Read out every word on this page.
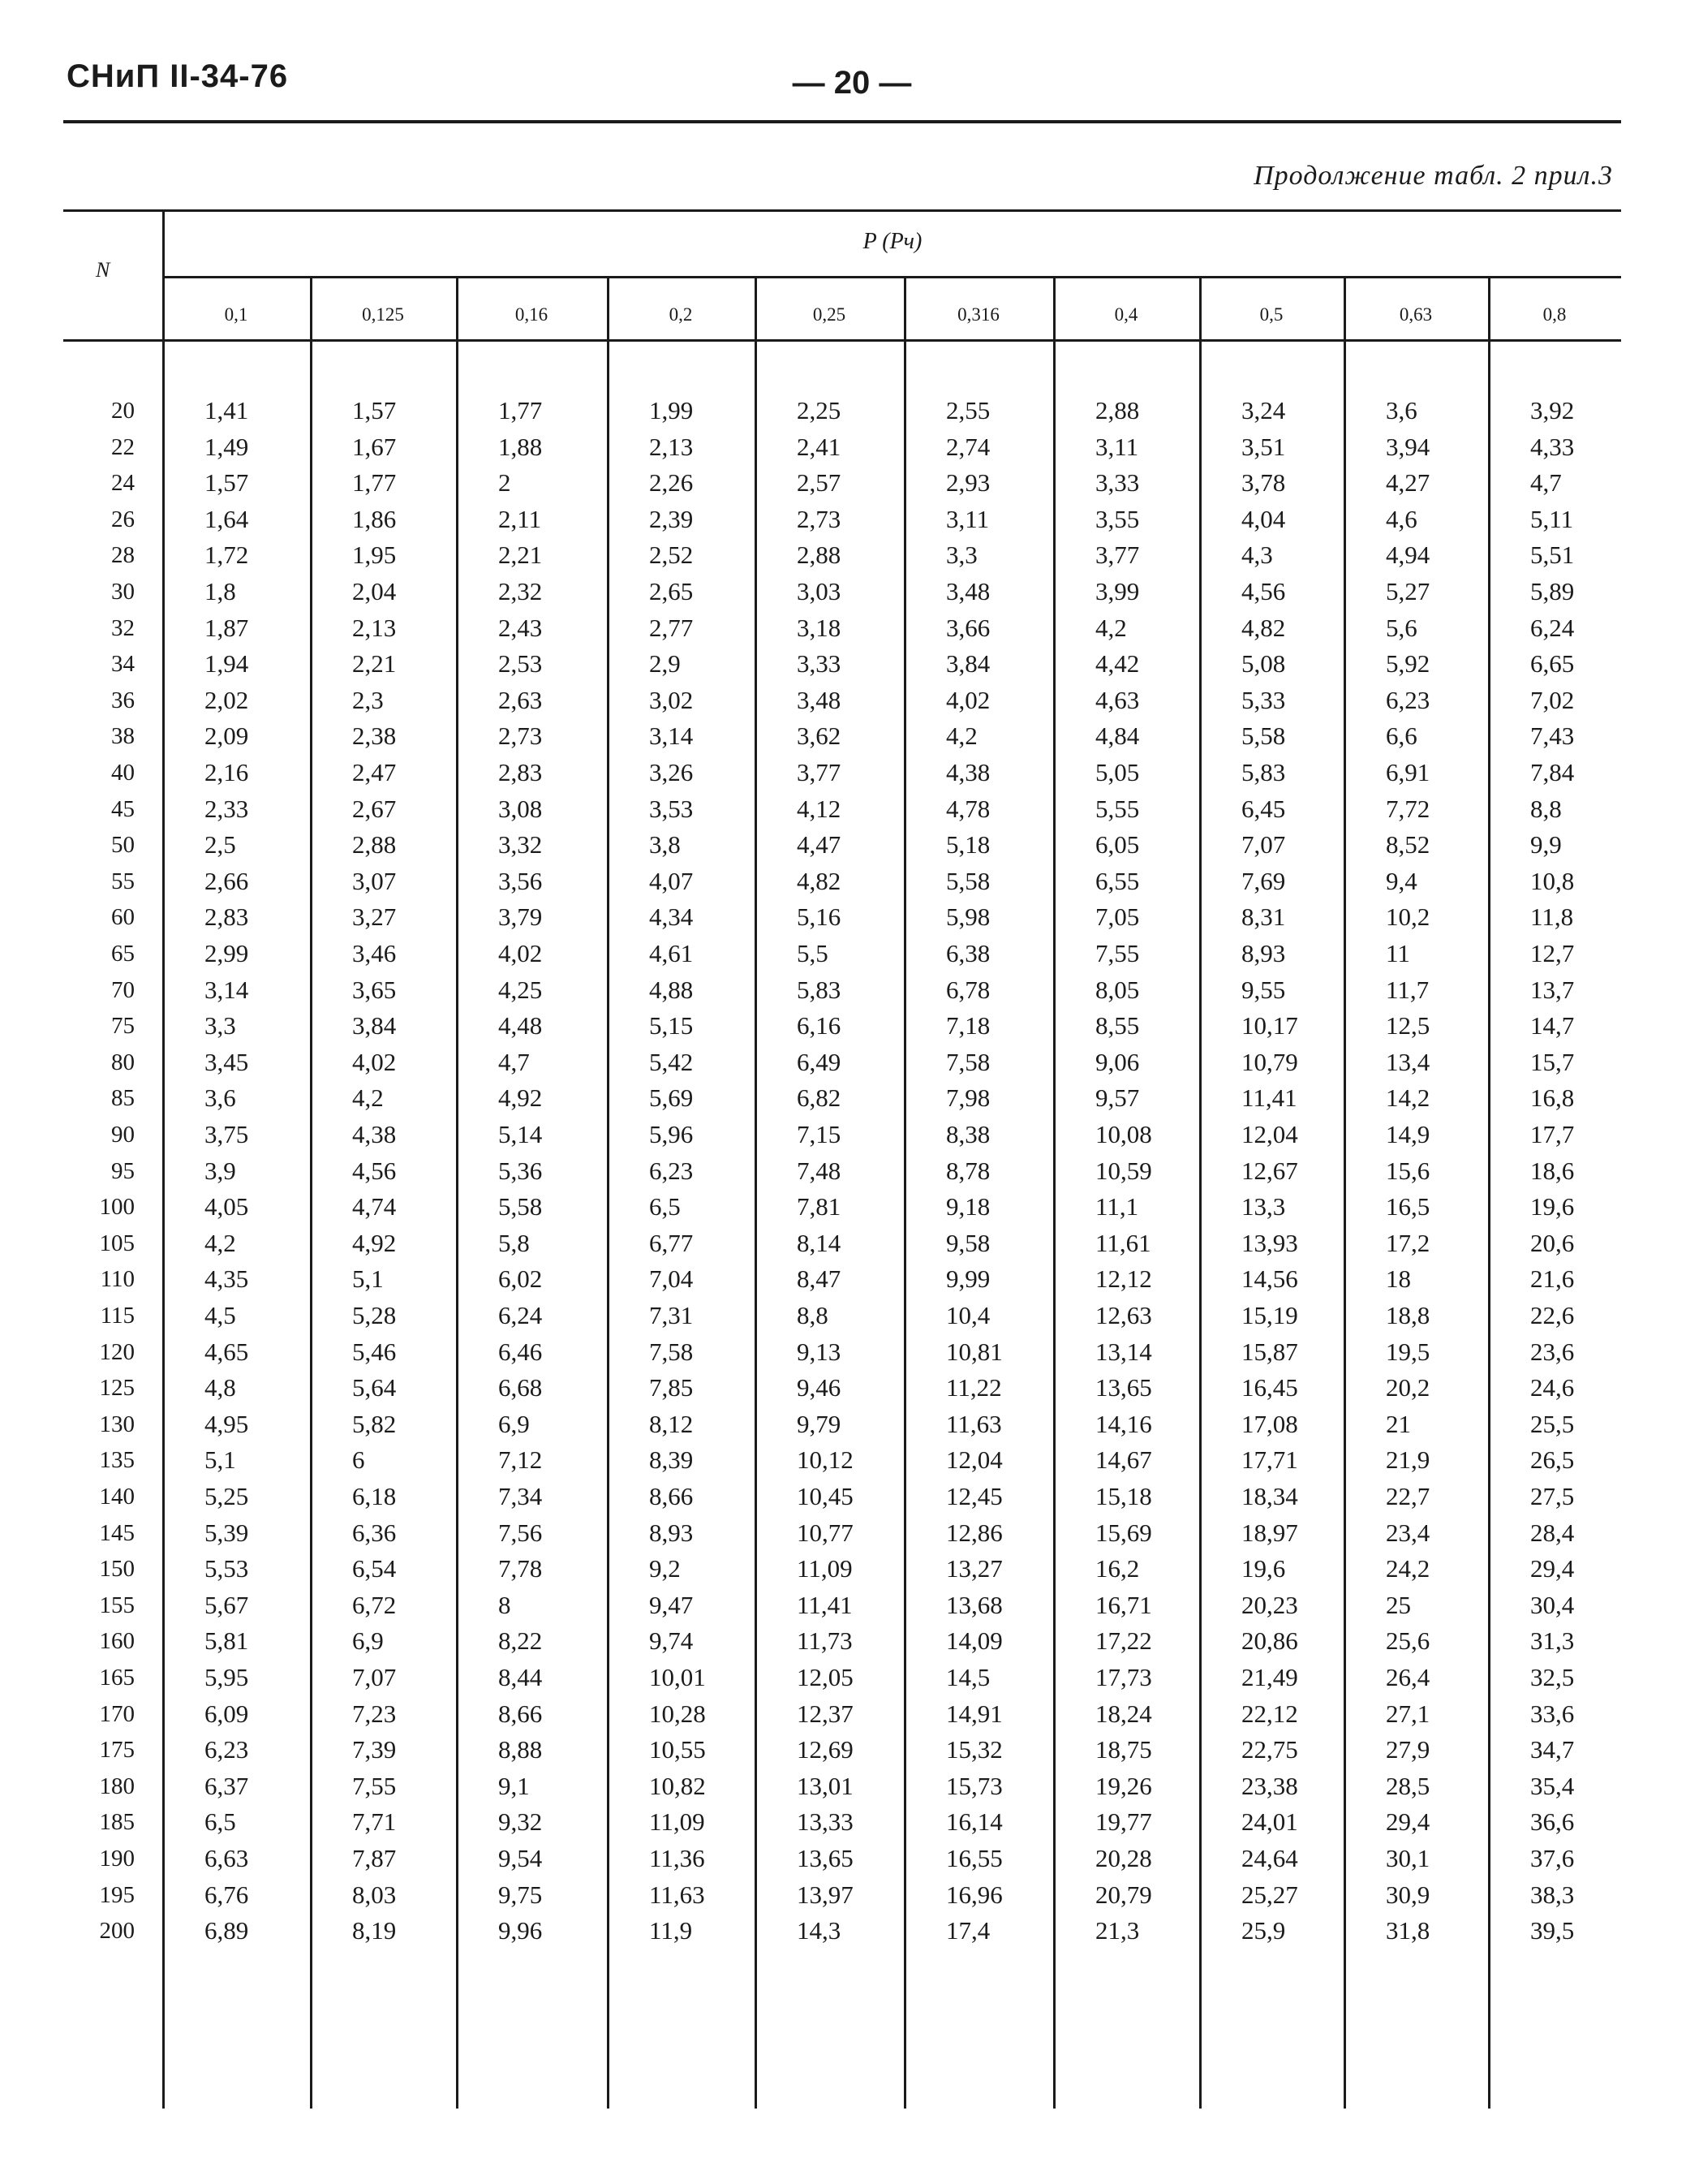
СНиП II-34-76	— 20 —
Продолжение табл. 2 прил.3
N
P (Pч)
0,1	0,125	0,16	0,2	0,25	0,316	0,4	0,5	0,63	0,8
20	1,41	1,57	1,77	1,99	2,25	2,55	2,88	3,24	3,6	3,92
22	1,49	1,67	1,88	2,13	2,41	2,74	3,11	3,51	3,94	4,33
24	1,57	1,77	2	2,26	2,57	2,93	3,33	3,78	4,27	4,7
26	1,64	1,86	2,11	2,39	2,73	3,11	3,55	4,04	4,6	5,11
28	1,72	1,95	2,21	2,52	2,88	3,3	3,77	4,3	4,94	5,51
30	1,8	2,04	2,32	2,65	3,03	3,48	3,99	4,56	5,27	5,89
32	1,87	2,13	2,43	2,77	3,18	3,66	4,2	4,82	5,6	6,24
34	1,94	2,21	2,53	2,9	3,33	3,84	4,42	5,08	5,92	6,65
36	2,02	2,3	2,63	3,02	3,48	4,02	4,63	5,33	6,23	7,02
38	2,09	2,38	2,73	3,14	3,62	4,2	4,84	5,58	6,6	7,43
40	2,16	2,47	2,83	3,26	3,77	4,38	5,05	5,83	6,91	7,84
45	2,33	2,67	3,08	3,53	4,12	4,78	5,55	6,45	7,72	8,8
50	2,5	2,88	3,32	3,8	4,47	5,18	6,05	7,07	8,52	9,9
55	2,66	3,07	3,56	4,07	4,82	5,58	6,55	7,69	9,4	10,8
60	2,83	3,27	3,79	4,34	5,16	5,98	7,05	8,31	10,2	11,8
65	2,99	3,46	4,02	4,61	5,5	6,38	7,55	8,93	11	12,7
70	3,14	3,65	4,25	4,88	5,83	6,78	8,05	9,55	11,7	13,7
75	3,3	3,84	4,48	5,15	6,16	7,18	8,55	10,17	12,5	14,7
80	3,45	4,02	4,7	5,42	6,49	7,58	9,06	10,79	13,4	15,7
85	3,6	4,2	4,92	5,69	6,82	7,98	9,57	11,41	14,2	16,8
90	3,75	4,38	5,14	5,96	7,15	8,38	10,08	12,04	14,9	17,7
95	3,9	4,56	5,36	6,23	7,48	8,78	10,59	12,67	15,6	18,6
100	4,05	4,74	5,58	6,5	7,81	9,18	11,1	13,3	16,5	19,6
105	4,2	4,92	5,8	6,77	8,14	9,58	11,61	13,93	17,2	20,6
110	4,35	5,1	6,02	7,04	8,47	9,99	12,12	14,56	18	21,6
115	4,5	5,28	6,24	7,31	8,8	10,4	12,63	15,19	18,8	22,6
120	4,65	5,46	6,46	7,58	9,13	10,81	13,14	15,87	19,5	23,6
125	4,8	5,64	6,68	7,85	9,46	11,22	13,65	16,45	20,2	24,6
130	4,95	5,82	6,9	8,12	9,79	11,63	14,16	17,08	21	25,5
135	5,1	6	7,12	8,39	10,12	12,04	14,67	17,71	21,9	26,5
140	5,25	6,18	7,34	8,66	10,45	12,45	15,18	18,34	22,7	27,5
145	5,39	6,36	7,56	8,93	10,77	12,86	15,69	18,97	23,4	28,4
150	5,53	6,54	7,78	9,2	11,09	13,27	16,2	19,6	24,2	29,4
155	5,67	6,72	8	9,47	11,41	13,68	16,71	20,23	25	30,4
160	5,81	6,9	8,22	9,74	11,73	14,09	17,22	20,86	25,6	31,3
165	5,95	7,07	8,44	10,01	12,05	14,5	17,73	21,49	26,4	32,5
170	6,09	7,23	8,66	10,28	12,37	14,91	18,24	22,12	27,1	33,6
175	6,23	7,39	8,88	10,55	12,69	15,32	18,75	22,75	27,9	34,7
180	6,37	7,55	9,1	10,82	13,01	15,73	19,26	23,38	28,5	35,4
185	6,5	7,71	9,32	11,09	13,33	16,14	19,77	24,01	29,4	36,6
190	6,63	7,87	9,54	11,36	13,65	16,55	20,28	24,64	30,1	37,6
195	6,76	8,03	9,75	11,63	13,97	16,96	20,79	25,27	30,9	38,3
200	6,89	8,19	9,96	11,9	14,3	17,4	21,3	25,9	31,8	39,5
